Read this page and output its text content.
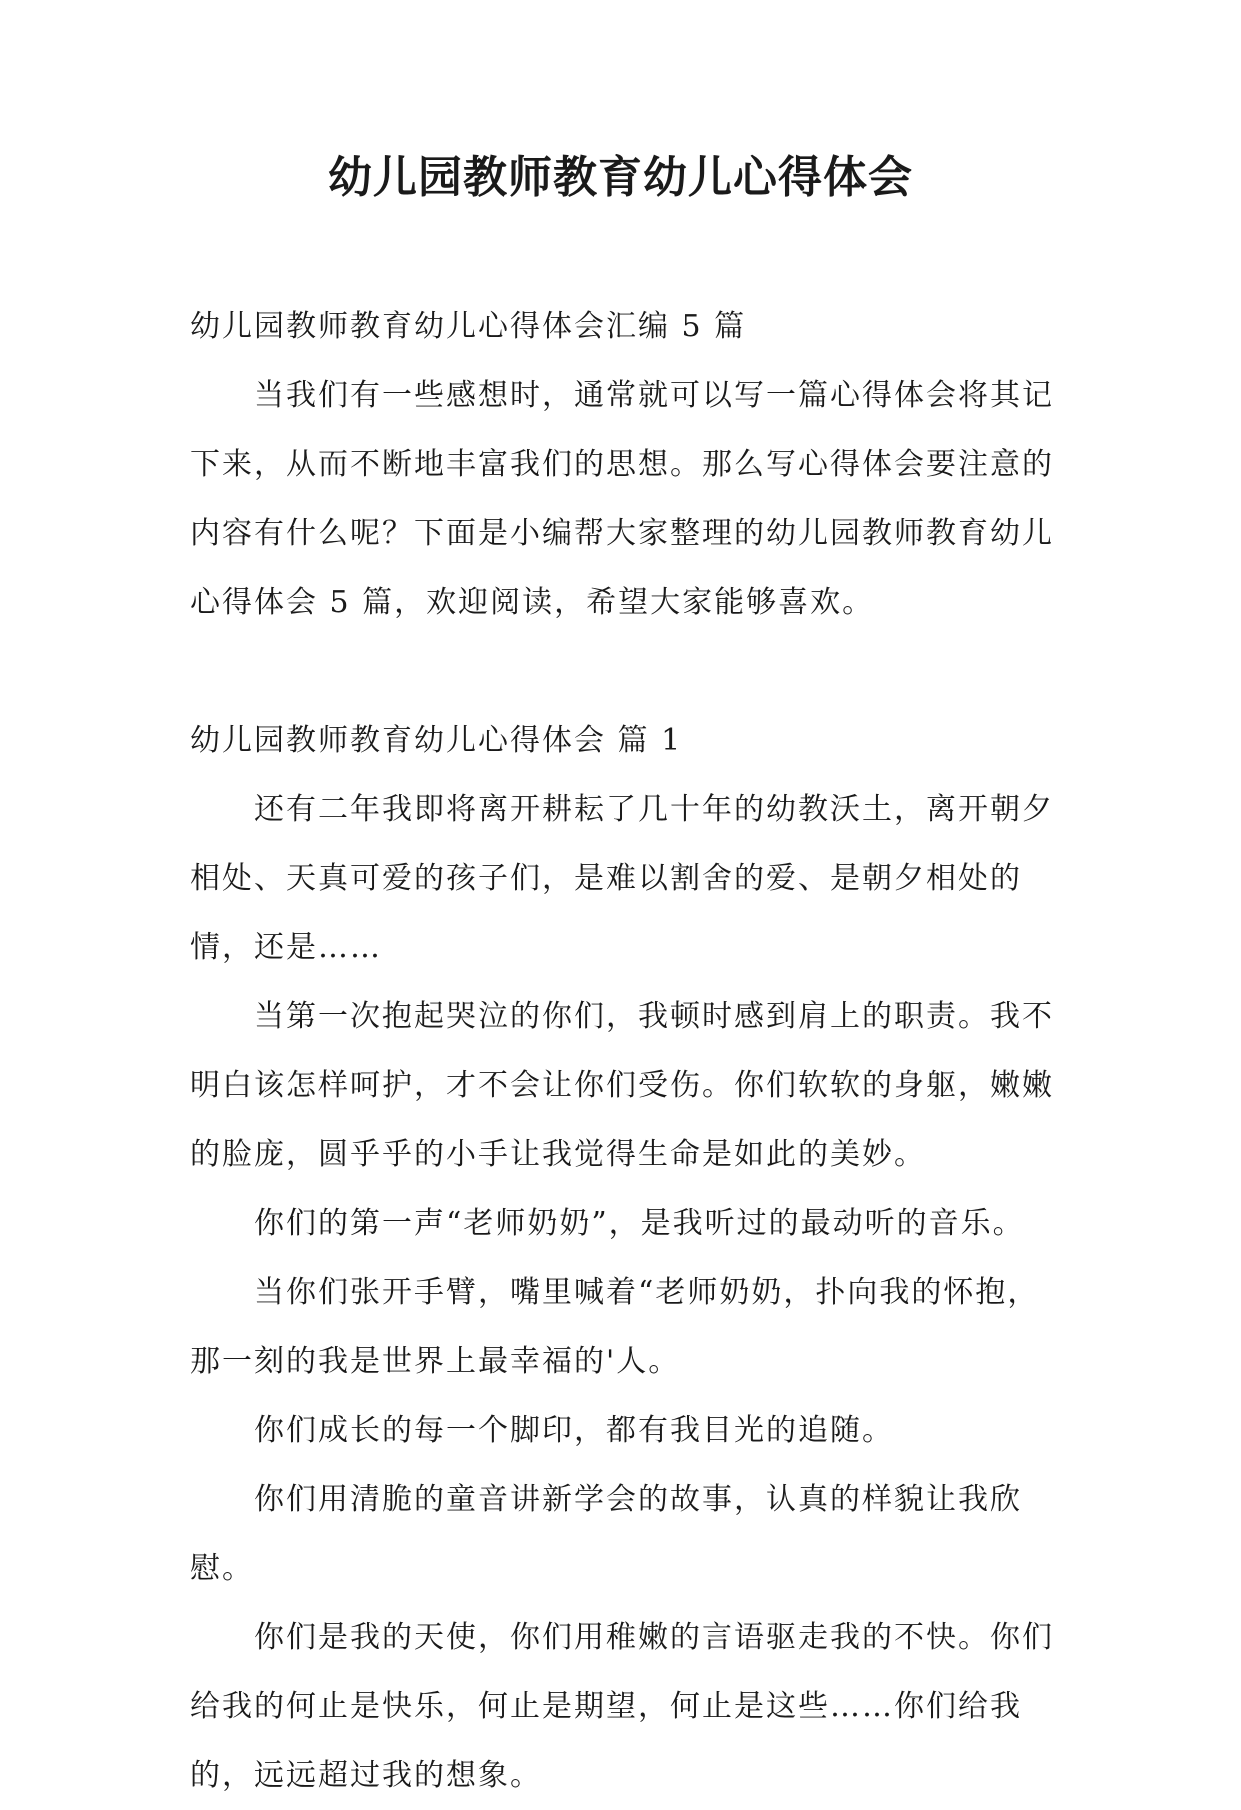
幼儿园教师教育幼儿心得体会

幼儿园教师教育幼儿心得体会汇编 5 篇

当我们有一些感想时，通常就可以写一篇心得体会将其记下来，从而不断地丰富我们的思想。那么写心得体会要注意的内容有什么呢？下面是小编帮大家整理的幼儿园教师教育幼儿心得体会 5 篇，欢迎阅读，希望大家能够喜欢。

幼儿园教师教育幼儿心得体会 篇 1

还有二年我即将离开耕耘了几十年的幼教沃土，离开朝夕相处、天真可爱的孩子们，是难以割舍的爱、是朝夕相处的情，还是……

当第一次抱起哭泣的你们，我顿时感到肩上的职责。我不明白该怎样呵护，才不会让你们受伤。你们软软的身躯，嫩嫩的脸庞，圆乎乎的小手让我觉得生命是如此的美妙。

你们的第一声“老师奶奶”，是我听过的最动听的音乐。

当你们张开手臂，嘴里喊着“老师奶奶，扑向我的怀抱，那一刻的我是世界上最幸福的'人。

你们成长的每一个脚印，都有我目光的追随。

你们用清脆的童音讲新学会的故事，认真的样貌让我欣慰。

你们是我的天使，你们用稚嫩的言语驱走我的不快。你们给我的何止是快乐，何止是期望，何止是这些……你们给我的，远远超过我的想象。
